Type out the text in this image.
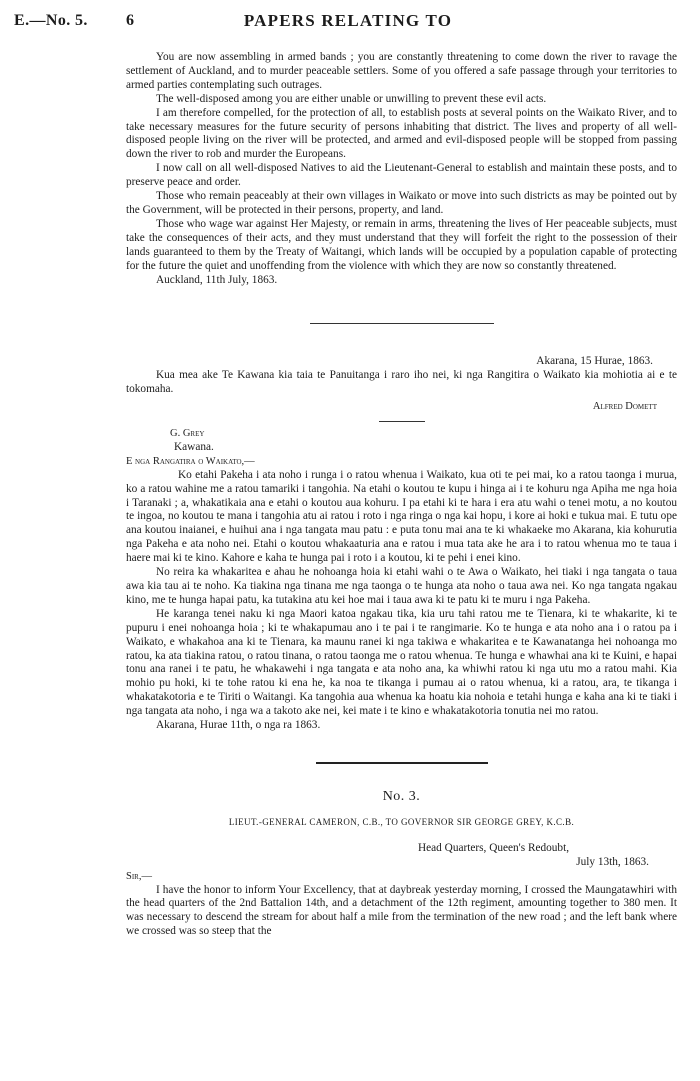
PAPERS RELATING TO
E.—No. 5. 6

You are now assembling in armed bands ; you are constantly threatening to come down the river to ravage the settlement of Auckland, and to murder peaceable settlers. Some of you offered a safe passage through your territories to armed parties contemplating such outrages.

The well-disposed among you are either unable or unwilling to prevent these evil acts.

I am therefore compelled, for the protection of all, to establish posts at several points on the Waikato River, and to take necessary measures for the future security of persons inhabiting that district. The lives and property of all well-disposed people living on the river will be protected, and armed and evil-disposed people will be stopped from passing down the river to rob and murder the Europeans.

I now call on all well-disposed Natives to aid the Lieutenant-General to establish and maintain these posts, and to preserve peace and order.

Those who remain peaceably at their own villages in Waikato or move into such districts as may be pointed out by the Government, will be protected in their persons, property, and land.

Those who wage war against Her Majesty, or remain in arms, threatening the lives of Her peaceable subjects, must take the consequences of their acts, and they must understand that they will forfeit the right to the possession of their lands guaranteed to them by the Treaty of Waitangi, which lands will be occupied by a population capable of protecting for the future the quiet and unoffending from the violence with which they are now so constantly threatened.

Auckland, 11th July, 1863.

Akarana, 15 Hurae, 1863.

Kua mea ake Te Kawana kia taia te Panuitanga i raro iho nei, ki nga Rangitira o Waikato kia mohiotia ai e te tokomaha.

Alfred Domett

G. Grey

Kawana.

E nga Rangatira o Waikato,—

Ko etahi Pakeha i ata noho i runga i o ratou whenua i Waikato, kua oti te pei mai, ko a ratou taonga i murua, ko a ratou wahine me a ratou tamariki i tangohia. Na etahi o koutou te kupu i hinga ai i te kohuru nga Apiha me nga hoia i Taranaki ; a, whakatikaia ana e etahi o koutou aua kohuru. I pa etahi ki te hara i era atu wahi o tenei motu, a no koutou te ingoa, no koutou te mana i tangohia atu ai ratou i roto i nga ringa o nga kai hopu, i kore ai hoki e tukua mai. E tutu ope ana koutou inaianei, e huihui ana i nga tangata mau patu : e puta tonu mai ana te ki whakaeke mo Akarana, kia kohurutia nga Pakeha e ata noho nei. Etahi o koutou whakaaturia ana e ratou i mua tata ake he ara i to ratou whenua mo te taua i haere mai ki te kino. Kahore e kaha te hunga pai i roto i a koutou, ki te pehi i enei kino.

No reira ka whakaritea e ahau he nohoanga hoia ki etahi wahi o te Awa o Waikato, hei tiaki i nga tangata o taua awa kia tau ai te noho. Ka tiakina nga tinana me nga taonga o te hunga ata noho o taua awa nei. Ko nga tangata ngakau kino, me te hunga hapai patu, ka tutakina atu kei hoe mai i taua awa ki te patu ki te muru i nga Pakeha.

He karanga tenei naku ki nga Maori katoa ngakau tika, kia uru tahi ratou me te Tienara, ki te whakarite, ki te pupuru i enei nohoanga hoia ; ki te whakapumau ano i te pai i te rangimarie. Ko te hunga e ata noho ana i o ratou pa i Waikato, e whakahoa ana ki te Tienara, ka maunu ranei ki nga takiwa e whakaritea e te Kawanatanga hei nohoanga mo ratou, ka ata tiakina ratou, o ratou tinana, o ratou taonga me o ratou whenua. Te hunga e whawhai ana ki te Kuini, e hapai tonu ana ranei i te patu, he whakawehi i nga tangata e ata noho ana, ka whiwhi ratou ki nga utu mo a ratou mahi. Kia mohio pu hoki, ki te tohe ratou ki ena he, ka noa te tikanga i pumau ai o ratou whenua, ki a ratou, ara, te tikanga i whakatakotoria e te Tiriti o Waitangi. Ka tangohia aua whenua ka hoatu kia nohoia e tetahi hunga e kaha ana ki te tiaki i nga tangata ata noho, i nga wa a takoto ake nei, kei mate i te kino e whakatakotoria tonutia nei mo ratou.

Akarana, Hurae 11th, o nga ra 1863.

No. 3.

LIEUT.-GENERAL CAMERON, C.B., TO GOVERNOR SIR GEORGE GREY, K.C.B.

Head Quarters, Queen's Redoubt,

July 13th, 1863.

Sir,—

I have the honor to inform Your Excellency, that at daybreak yesterday morning, I crossed the Maungatawhiri with the head quarters of the 2nd Battalion 14th, and a detachment of the 12th regiment, amounting together to 380 men. It was necessary to descend the stream for about half a mile from the termination of the new road ; and the left bank where we crossed was so steep that the
